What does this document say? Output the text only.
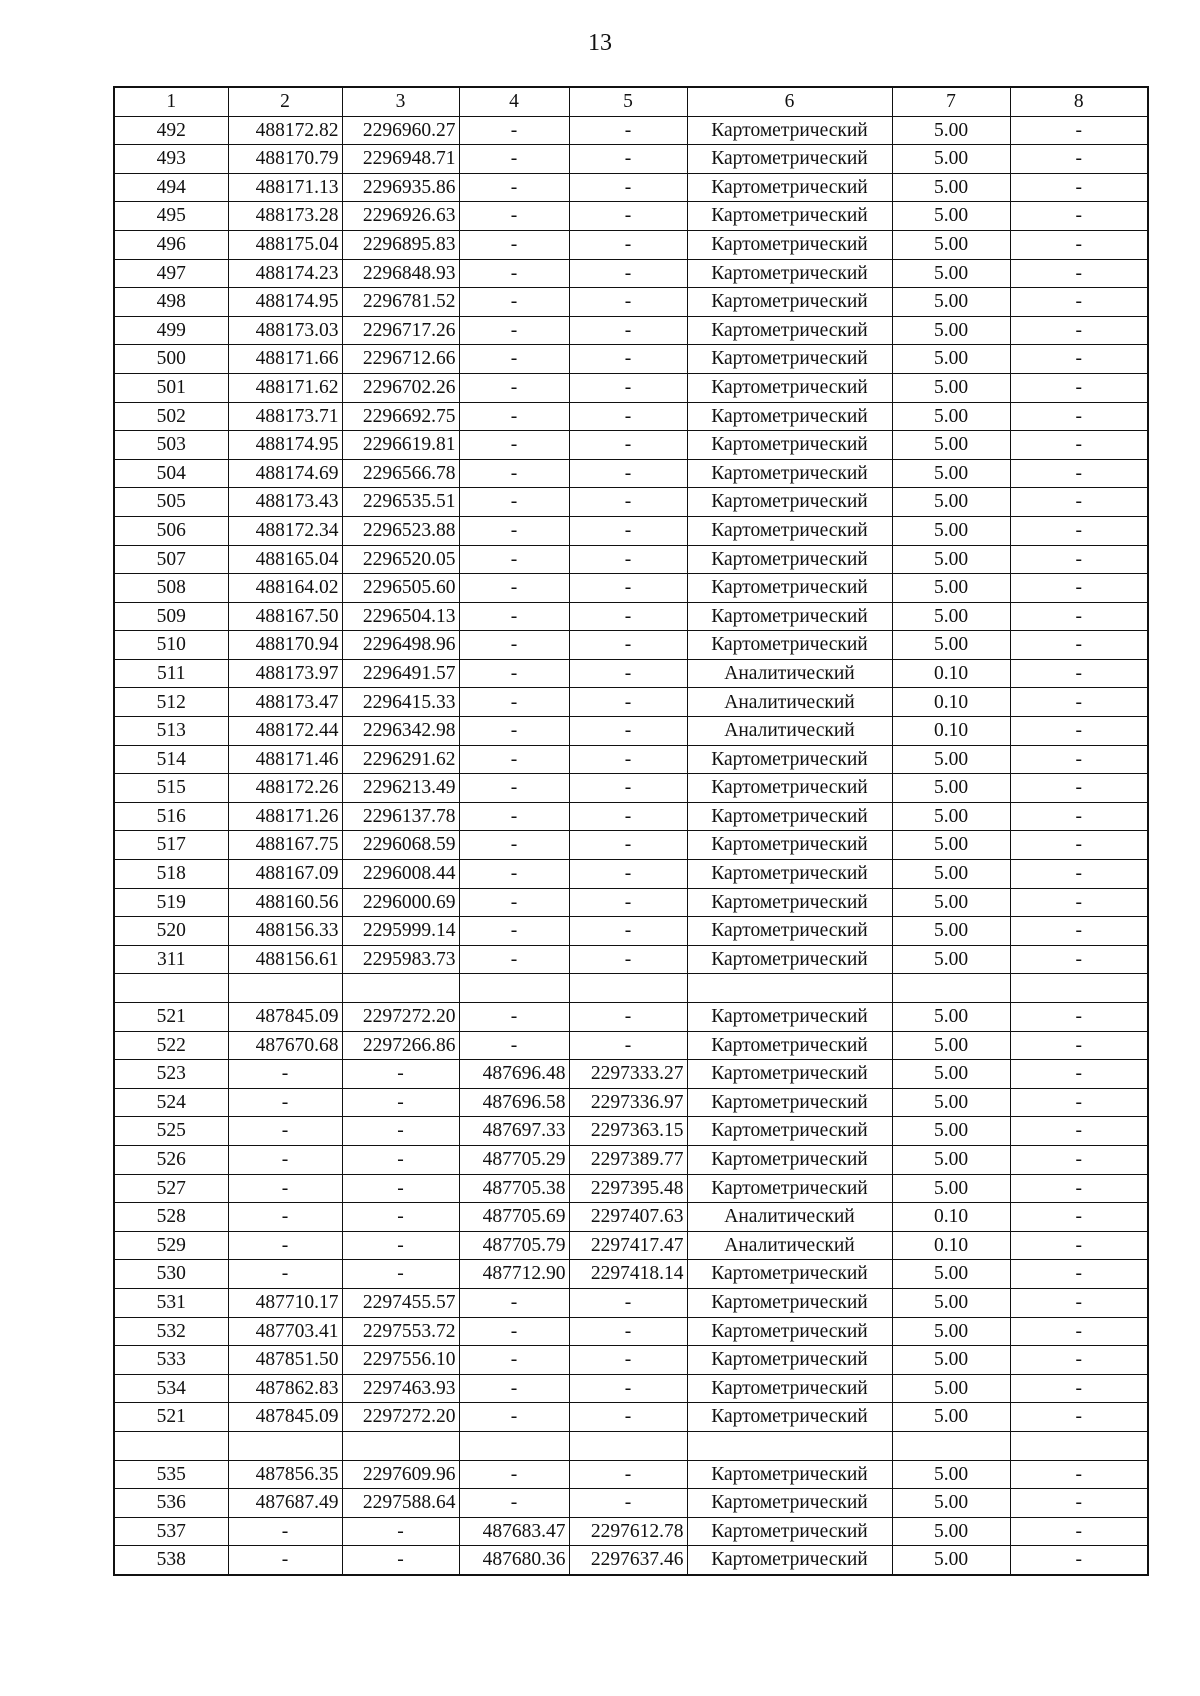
13
1	2	3	4	5	6	7	8
492	488172.82	2296960.27	-	-	Картометрический	5.00	-
493	488170.79	2296948.71	-	-	Картометрический	5.00	-
494	488171.13	2296935.86	-	-	Картометрический	5.00	-
495	488173.28	2296926.63	-	-	Картометрический	5.00	-
496	488175.04	2296895.83	-	-	Картометрический	5.00	-
497	488174.23	2296848.93	-	-	Картометрический	5.00	-
498	488174.95	2296781.52	-	-	Картометрический	5.00	-
499	488173.03	2296717.26	-	-	Картометрический	5.00	-
500	488171.66	2296712.66	-	-	Картометрический	5.00	-
501	488171.62	2296702.26	-	-	Картометрический	5.00	-
502	488173.71	2296692.75	-	-	Картометрический	5.00	-
503	488174.95	2296619.81	-	-	Картометрический	5.00	-
504	488174.69	2296566.78	-	-	Картометрический	5.00	-
505	488173.43	2296535.51	-	-	Картометрический	5.00	-
506	488172.34	2296523.88	-	-	Картометрический	5.00	-
507	488165.04	2296520.05	-	-	Картометрический	5.00	-
508	488164.02	2296505.60	-	-	Картометрический	5.00	-
509	488167.50	2296504.13	-	-	Картометрический	5.00	-
510	488170.94	2296498.96	-	-	Картометрический	5.00	-
511	488173.97	2296491.57	-	-	Аналитический	0.10	-
512	488173.47	2296415.33	-	-	Аналитический	0.10	-
513	488172.44	2296342.98	-	-	Аналитический	0.10	-
514	488171.46	2296291.62	-	-	Картометрический	5.00	-
515	488172.26	2296213.49	-	-	Картометрический	5.00	-
516	488171.26	2296137.78	-	-	Картометрический	5.00	-
517	488167.75	2296068.59	-	-	Картометрический	5.00	-
518	488167.09	2296008.44	-	-	Картометрический	5.00	-
519	488160.56	2296000.69	-	-	Картометрический	5.00	-
520	488156.33	2295999.14	-	-	Картометрический	5.00	-
311	488156.61	2295983.73	-	-	Картометрический	5.00	-

521	487845.09	2297272.20	-	-	Картометрический	5.00	-
522	487670.68	2297266.86	-	-	Картометрический	5.00	-
523	-	-	487696.48	2297333.27	Картометрический	5.00	-
524	-	-	487696.58	2297336.97	Картометрический	5.00	-
525	-	-	487697.33	2297363.15	Картометрический	5.00	-
526	-	-	487705.29	2297389.77	Картометрический	5.00	-
527	-	-	487705.38	2297395.48	Картометрический	5.00	-
528	-	-	487705.69	2297407.63	Аналитический	0.10	-
529	-	-	487705.79	2297417.47	Аналитический	0.10	-
530	-	-	487712.90	2297418.14	Картометрический	5.00	-
531	487710.17	2297455.57	-	-	Картометрический	5.00	-
532	487703.41	2297553.72	-	-	Картометрический	5.00	-
533	487851.50	2297556.10	-	-	Картометрический	5.00	-
534	487862.83	2297463.93	-	-	Картометрический	5.00	-
521	487845.09	2297272.20	-	-	Картометрический	5.00	-

535	487856.35	2297609.96	-	-	Картометрический	5.00	-
536	487687.49	2297588.64	-	-	Картометрический	5.00	-
537	-	-	487683.47	2297612.78	Картометрический	5.00	-
538	-	-	487680.36	2297637.46	Картометрический	5.00	-
